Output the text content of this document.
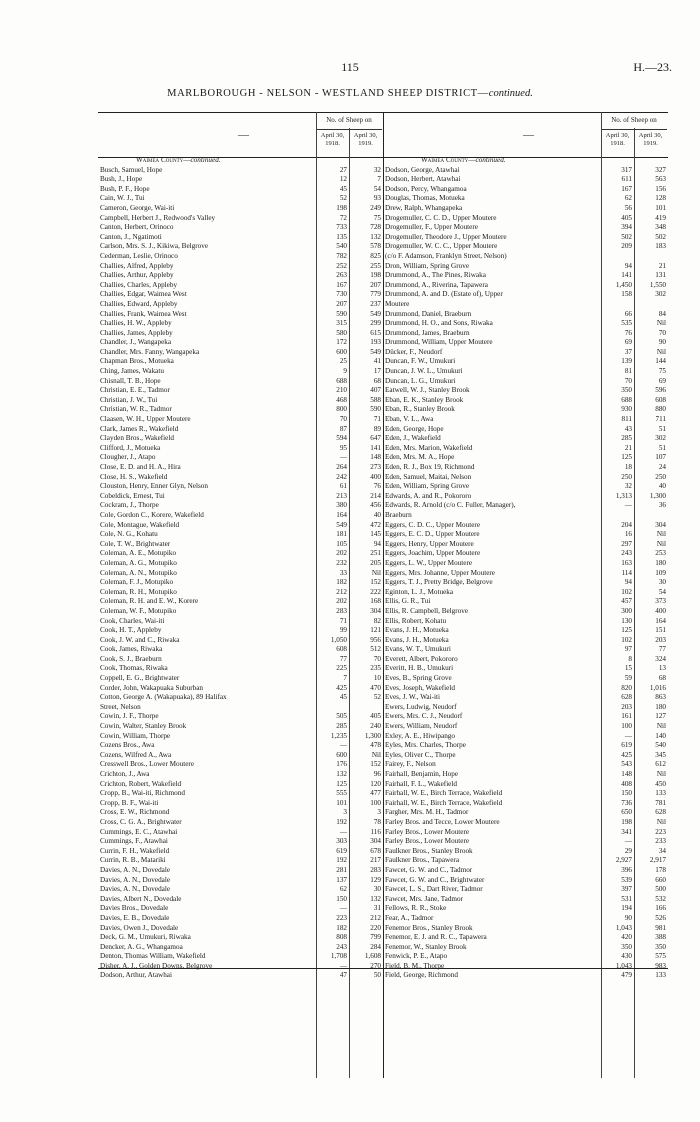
115	H.—23.
MARLBOROUGH - NELSON - WESTLAND SHEEP DISTRICT—continued.
—
No. of Sheep on
April 30, 1918.
April 30, 1919.
—
No. of Sheep on
April 30, 1918.
April 30, 1919.
Waimea County—continued.
Busch, Samuel, Hope	27	32
Bush, J., Hope	12	7
Bush, P. F., Hope	45	54
Cain, W. J., Tui	52	93
Cameron, George, Wai-iti	198	249
Campbell, Herbert J., Redwood's Valley	72	75
Canton, Herbert, Orinoco	733	728
Canton, J., Ngatimoti	135	132
Carlson, Mrs. S. J., Kikiwa, Belgrove	540	578
Cederman, Leslie, Orinoco	782	825
Challies, Alfred, Appleby	252	255
Challies, Arthur, Appleby	263	198
Challies, Charles, Appleby	167	207
Challies, Edgar, Waimea West	730	779
Challies, Edward, Appleby	207	237
Challies, Frank, Waimea West	590	549
Challies, H. W., Appleby	315	299
Challies, James, Appleby	580	615
Chandler, J., Wangapeka	172	193
Chandler, Mrs. Fanny, Wangapeka	600	549
Chapman Bros., Motueka	25	41
Ching, James, Wakatu	9	17
Chisnall, T. B., Hope	688	68
Christian, E. E., Tadmor	210	407
Christian, J. W., Tui	468	588
Christian, W. R., Tadmor	800	590
Claasen, W. H., Upper Moutere	70	71
Clark, James R., Wakefield	87	89
Clayden Bros., Wakefield	594	647
Clifford, J., Motueka	95	141
Clougher, J., Atapo	—	148
Close, E. D. and H. A., Hira	264	273
Close, H. S., Wakefield	242	400
Clouston, Henry, Enner Glyn, Nelson	61	76
Cobeldick, Ernest, Tui	213	214
Cockram, J., Thorpe	380	456
Cole, Gordon C., Korere, Wakefield	164	40
Cole, Montague, Wakefield	549	472
Cole, N. G., Kohatu	181	145
Cole, T. W., Brightwater	105	94
Coleman, A. E., Motupiko	202	251
Coleman, A. G., Motupiko	232	205
Coleman, A. N., Motupiko	33	Nil
Coleman, F. J., Motupiko	182	152
Coleman, R. H., Motupiko	212	222
Coleman, R. H. and E. W., Korere	202	168
Coleman, W. F., Motupiko	283	304
Cook, Charles, Wai-iti	71	82
Cook, H. T., Appleby	99	121
Cook, J. W. and C., Riwaka	1,050	956
Cook, James, Riwaka	608	512
Cook, S. J., Braeburn	77	70
Cook, Thomas, Riwaka	225	235
Coppell, E. G., Brightwater	7	10
Corder, John, Wakapuaka Suburban	425	470
Cotton, George A. (Wakapuaka), 89 Halifax	45	52
Street, Nelson
Cowin, J. F., Thorpe	505	405
Cowin, Walter, Stanley Brook	285	240
Cowin, William, Thorpe	1,235	1,300
Cozens Bros., Awa	—	478
Cozens, Wilfred A., Awa	600	Nil
Cresswell Bros., Lower Moutere	176	152
Crichton, J., Awa	132	96
Crichton, Robert, Wakefield	125	120
Cropp, B., Wai-iti, Richmond	555	477
Cropp, B. F., Wai-iti	101	100
Cross, E. W., Richmond	3	3
Cross, C. G. A., Brightwater	192	78
Cummings, E. C., Atawhai	—	116
Cummings, F., Atawhai	303	304
Currin, F. H., Wakefield	619	678
Currin, R. B., Matariki	192	217
Davies, A. N., Dovedale	281	283
Davies, A. N., Dovedale	137	129
Davies, A. N., Dovedale	62	30
Davies, Albert N., Dovedale	150	132
Davies Bros., Dovedale	—	31
Davies, E. B., Dovedale	223	212
Davies, Owen J., Dovedale	182	220
Deck, G. M., Umukuri, Riwaka	808	799
Dencker, A. G., Whangamoa	243	284
Denton, Thomas William, Wakefield	1,708	1,608
Disher, A. J., Golden Downs, Belgrove	—	270
Dodson, Arthur, Atawhai	47	50
Waimea County—continued.
Dodson, George, Atawhai	317	327
Dodson, Herbert, Atawhai	611	563
Dodson, Percy, Whangamoa	167	156
Douglas, Thomas, Motueka	62	128
Drew, Ralph, Whangapeka	56	101
Drogemuller, C. C. D., Upper Moutere	405	419
Drogemuller, F., Upper Moutere	394	348
Drogemuller, Theodore J., Upper Moutere	502	502
Drogemuller, W. C. C., Upper Moutere	209	183
(c/o F. Adamson, Franklyn Street, Nelson)
Dron, William, Spring Grove	94	21
Drummond, A., The Pines, Riwaka	141	131
Drummond, A., Riverina, Tapawera	1,450	1,550
Drummond, A. and D. (Estate of), Upper	158	302
Moutere
Drummond, Daniel, Braeburn	66	84
Drummond, H. O., and Sons, Riwaka	535	Nil
Drummond, James, Braeburn	76	70
Drummond, William, Upper Moutere	69	90
Dücker, F., Neudorf	37	Nil
Duncan, F. W., Umukuri	139	144
Duncan, J. W. L., Umukuri	81	75
Duncan, L. G., Umukuri	70	69
Eatwell, W. J., Stanley Brook	350	596
Eban, E. K., Stanley Brook	688	608
Eban, R., Stanley Brook	930	880
Eban, V. L., Awa	811	711
Eden, George, Hope	43	51
Eden, J., Wakefield	285	302
Eden, Mrs. Marion, Wakefield	21	51
Eden, Mrs. M. A., Hope	125	107
Eden, R. J., Box 19, Richmond	18	24
Eden, Samuel, Maitai, Nelson	250	250
Eden, William, Spring Grove	32	40
Edwards, A. and R., Pokororo	1,313	1,300
Edwards, R. Arnold (c/o C. Fuller, Manager),	—	36
Braeburn
Eggers, C. D. C., Upper Moutere	204	304
Eggers, E. C. D., Upper Moutere	16	Nil
Eggers, Henry, Upper Moutere	297	Nil
Eggers, Joachim, Upper Moutere	243	253
Eggers, L. W., Upper Moutere	163	180
Eggers, Mrs. Johanne, Upper Moutere	114	109
Eggers, T. J., Pretty Bridge, Belgrove	94	30
Eginton, L. J., Motueka	102	54
Ellis, G. R., Tui	457	373
Ellis, R. Campbell, Belgrove	300	400
Ellis, Robert, Kohatu	130	164
Evans, J. H., Motueka	125	151
Evans, J. H., Motueka	102	203
Evans, W. T., Umukuri	97	77
Everett, Albert, Pokororo	8	324
Everitt, H. B., Umukuri	15	13
Eves, B., Spring Grove	59	68
Eves, Joseph, Wakefield	820	1,016
Eves, J. W., Wai-iti	628	863
Ewers, Ludwig, Neudorf	203	180
Ewers, Mrs. C. J., Neudorf	161	127
Ewers, William, Neudorf	100	Nil
Exley, A. E., Hiwipango	—	140
Eyles, Mrs. Charles, Thorpe	619	540
Eyles, Oliver C., Thorpe	425	345
Fairey, F., Nelson	543	612
Fairhall, Benjamin, Hope	148	Nil
Fairhall, F. L., Wakefield	408	450
Fairhall, W. E., Birch Terrace, Wakefield	150	133
Fairhall, W. E., Birch Terrace, Wakefield	736	781
Fargher, Mrs. M. H., Tadmor	650	628
Farley Bros. and Tecce, Lower Moutere	198	Nil
Farley Bros., Lower Moutere	341	223
Farley Bros., Lower Moutere	—	233
Faulkner Bros., Stanley Brook	29	34
Faulkner Bros., Tapawera	2,927	2,917
Fawcet, G. W. and C., Tadmor	396	178
Fawcet, G. W. and C., Brightwater	539	660
Fawcet, L. S., Dart River, Tadmor	397	500
Fawcet, Mrs. Jane, Tadmor	531	532
Fellows, R. R., Stoke	194	166
Fear, A., Tadmor	90	526
Fenemor Bros., Stanley Brook	1,043	981
Fenemor, E. J. and R. C., Tapawera	420	388
Fenemor, W., Stanley Brook	350	350
Fenwick, P. E., Atapo	430	575
Field, B. M., Thorpe	1,043	983
Field, George, Richmond	479	133
